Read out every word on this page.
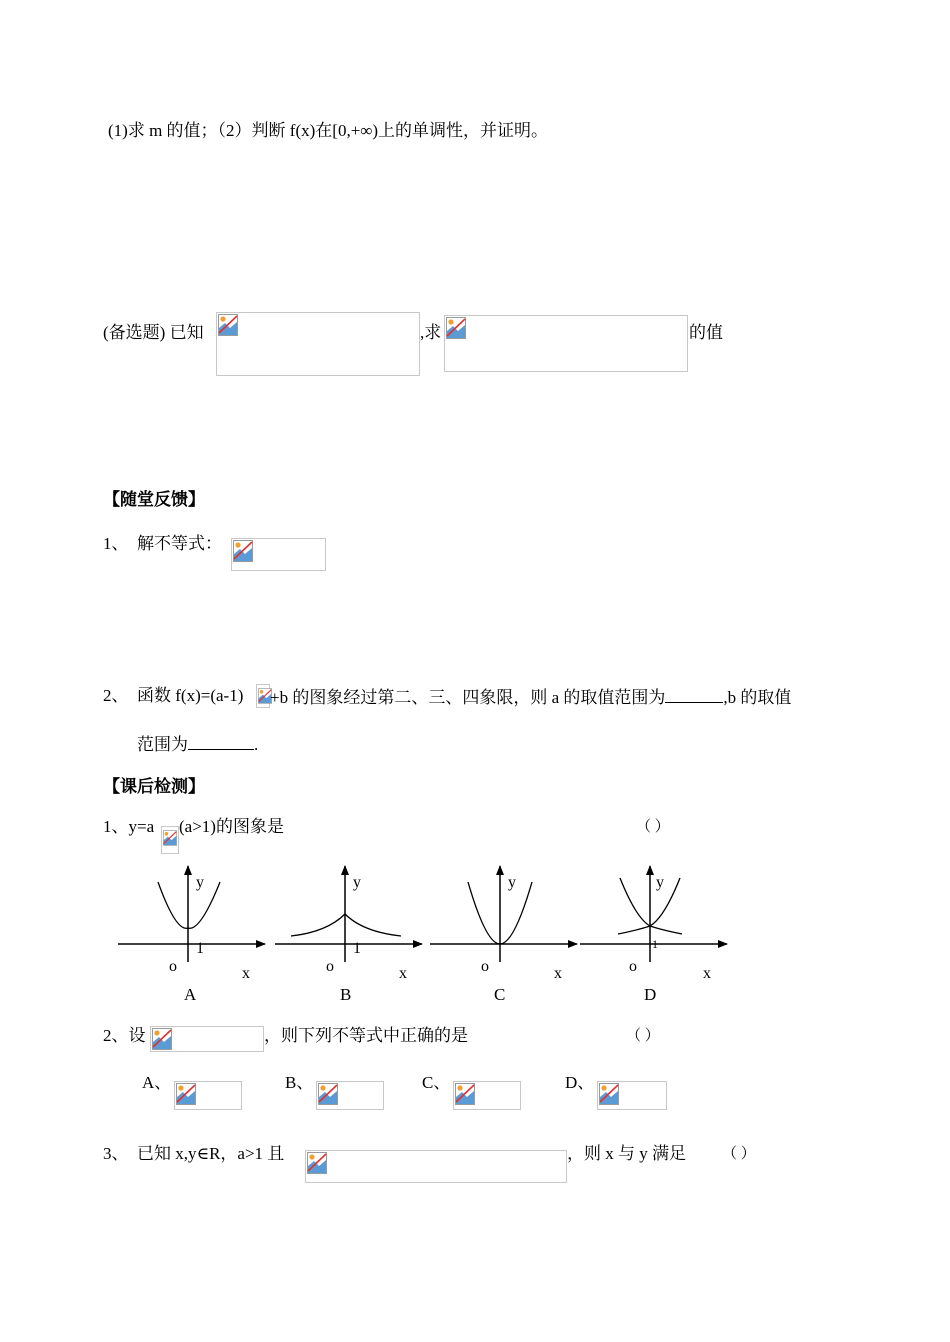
(1)求 m 的值；（2）判断 f(x)在[0,+∞)上的单调性，并证明。
(备选题) 已知	,求	的值
【随堂反馈】
1、 解不等式：
2、 函数 f(x)=(a-1) +b 的图象经过第二、三、四象限，则 a 的取值范围为	,b 的取值
范围为	.
【课后检测】
1、y=a (a>1)的图象是	（ ）
y
1
o	x
A
y
1
o	x
B
y
o	x
C
1
y
o	x
D
2、设	，则下列不等式中正确的是	（ ）
A、	B、	C、	D、
3、 已知 x,y∈R，a>1 且	，则 x 与 y 满足 （ ）
